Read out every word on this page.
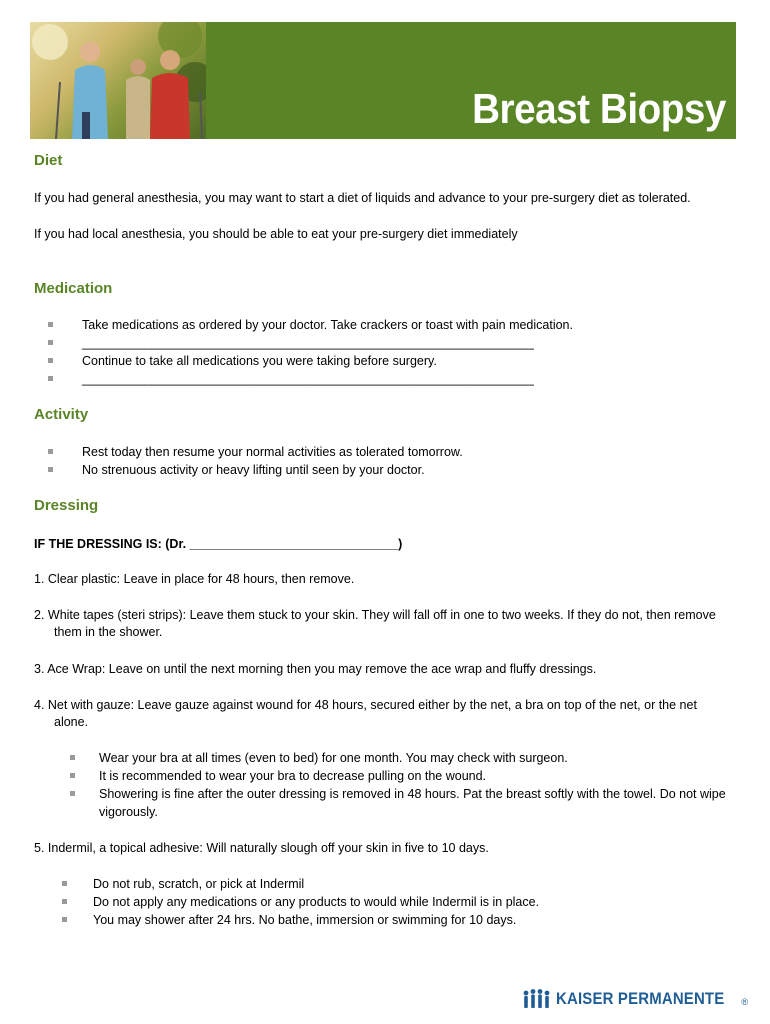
Breast Biopsy
Diet
If you had general anesthesia, you may want to start a diet of liquids and advance to your pre-surgery diet as tolerated.
If you had local anesthesia, you should be able to eat your pre-surgery diet immediately
Medication
Take medications as ordered by your doctor. Take crackers or toast with pain medication.
_________________________________________________________________
Continue to take all medications you were taking before surgery.
_________________________________________________________________
Activity
Rest today then resume your normal activities as tolerated tomorrow.
No strenuous activity or heavy lifting until seen by your doctor.
Dressing
IF THE DRESSING IS: (Dr. ______________________________)
1. Clear plastic: Leave in place for 48 hours, then remove.
2. White tapes (steri strips): Leave them stuck to your skin. They will fall off in one to two weeks. If they do not, then remove
them in the shower.
3. Ace Wrap: Leave on until the next morning then you may remove the ace wrap and fluffy dressings.
4. Net with gauze: Leave gauze against wound for 48 hours, secured either by the net, a bra on top of the net, or the net
alone.
Wear your bra at all times (even to bed) for one month. You may check with surgeon.
It is recommended to wear your bra to decrease pulling on the wound.
Showering is fine after the outer dressing is removed in 48 hours. Pat the breast softly with the towel. Do not wipe
vigorously.
5. Indermil, a topical adhesive: Will naturally slough off your skin in five to 10 days.
Do not rub, scratch, or pick at Indermil
Do not apply any medications or any products to would while Indermil is in place.
You may shower after 24 hrs. No bathe, immersion or swimming for 10 days.
KAISER PERMANENTE ®
